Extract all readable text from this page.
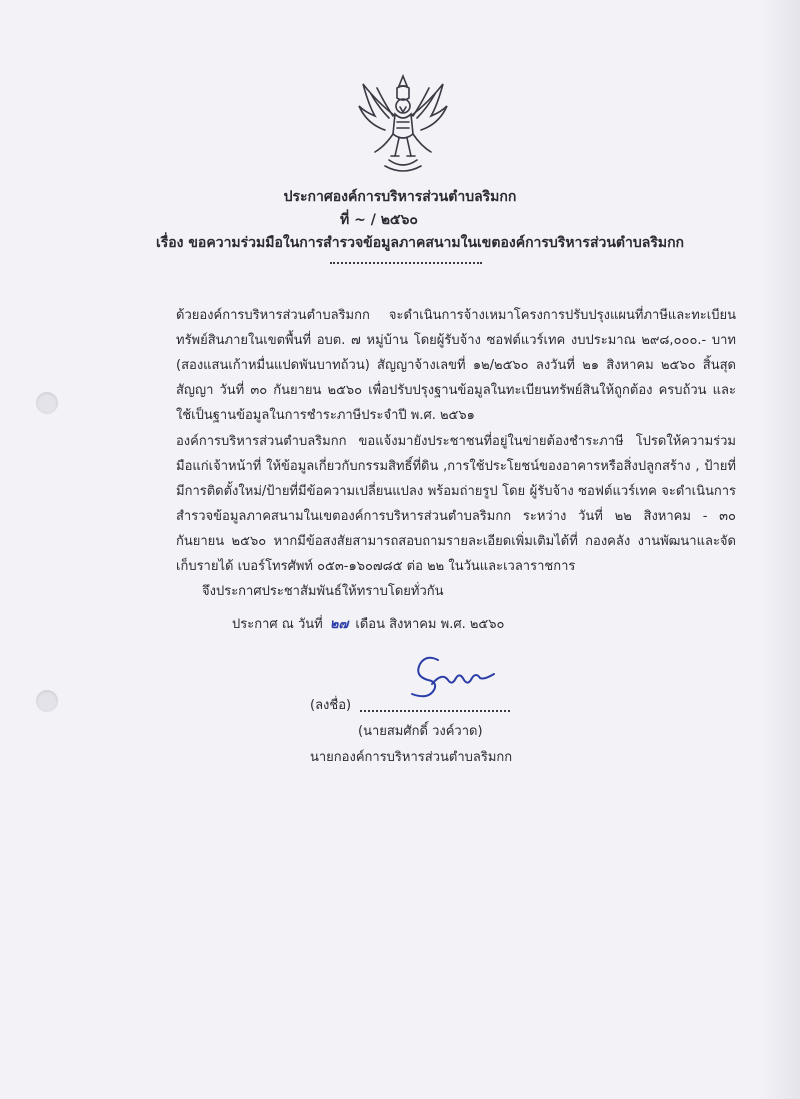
ประกาศองค์การบริหารส่วนตำบลริมกก
ที่ ~ / ๒๕๖๐
เรื่อง ขอความร่วมมือในการสำรวจข้อมูลภาคสนามในเขตองค์การบริหารส่วนตำบลริมกก

ด้วยองค์การบริหารส่วนตำบลริมกก จะดำเนินการจ้างเหมาโครงการปรับปรุงแผนที่ภาษีและทะเบียนทรัพย์สินภายในเขตพื้นที่ อบต. ๗ หมู่บ้าน โดยผู้รับจ้าง ซอฟต์แวร์เทค งบประมาณ ๒๙๘,๐๐๐.- บาท (สองแสนเก้าหมื่นแปดพันบาทถ้วน) สัญญาจ้างเลขที่ ๑๒/๒๕๖๐ ลงวันที่ ๒๑ สิงหาคม ๒๕๖๐ สิ้นสุดสัญญา วันที่ ๓๐ กันยายน ๒๕๖๐ เพื่อปรับปรุงฐานข้อมูลในทะเบียนทรัพย์สินให้ถูกต้อง ครบถ้วน และใช้เป็นฐานข้อมูลในการชำระภาษีประจำปี พ.ศ. ๒๕๖๑

องค์การบริหารส่วนตำบลริมกก ขอแจ้งมายังประชาชนที่อยู่ในข่ายต้องชำระภาษี โปรดให้ความร่วมมือแก่เจ้าหน้าที่ ให้ข้อมูลเกี่ยวกับกรรมสิทธิ์ที่ดิน ,การใช้ประโยชน์ของอาคารหรือสิ่งปลูกสร้าง , ป้ายที่มีการติดตั้งใหม่/ป้ายที่มีข้อความเปลี่ยนแปลง พร้อมถ่ายรูป โดย ผู้รับจ้าง ซอฟต์แวร์เทค จะดำเนินการสำรวจข้อมูลภาคสนามในเขตองค์การบริหารส่วนตำบลริมกก ระหว่าง วันที่ ๒๒ สิงหาคม - ๓๐ กันยายน ๒๕๖๐ หากมีข้อสงสัยสามารถสอบถามรายละเอียดเพิ่มเติมได้ที่ กองคลัง งานพัฒนาและจัดเก็บรายได้ เบอร์โทรศัพท์ ๐๕๓-๑๖๐๗๘๕ ต่อ ๒๒ ในวันและเวลาราชการ

จึงประกาศประชาสัมพันธ์ให้ทราบโดยทั่วกัน
ประกาศ ณ วันที่ ๒๗ เดือน สิงหาคม พ.ศ. ๒๕๖๐
(ลงชื่อ)
(นายสมศักดิ์ วงค์วาด)
นายกองค์การบริหารส่วนตำบลริมกก
